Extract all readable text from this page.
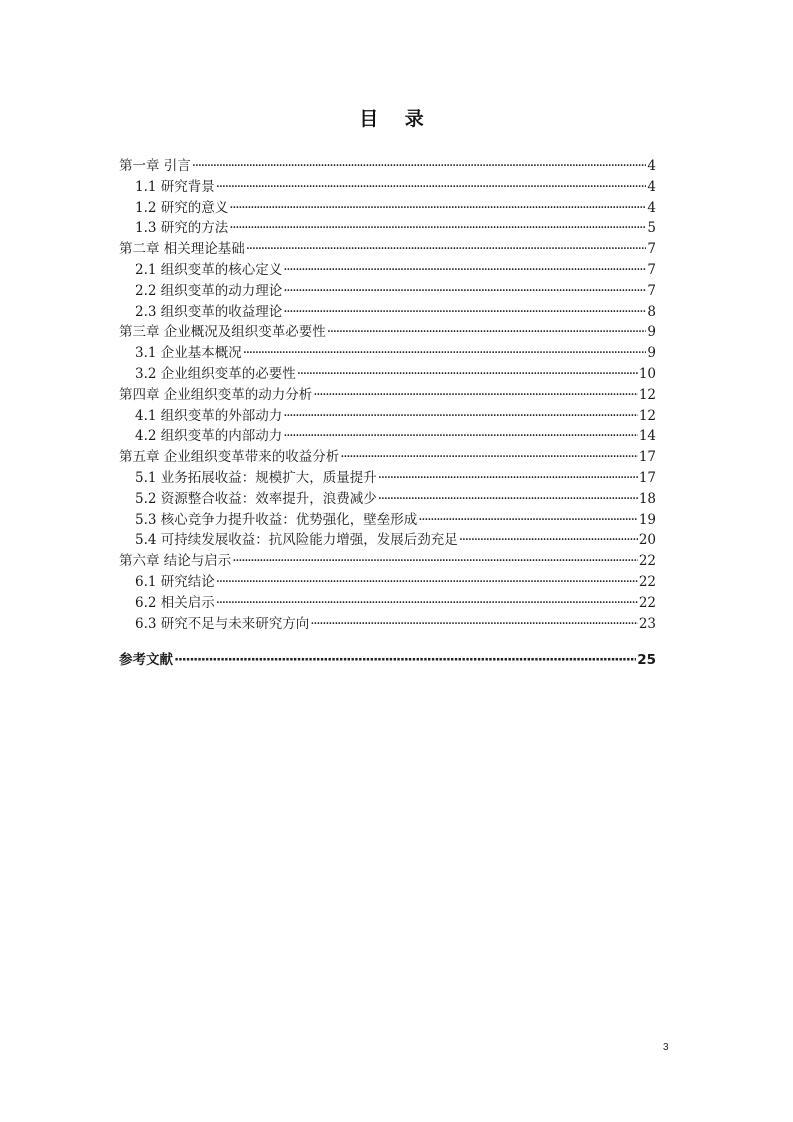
目 录
第一章 引言 ·····	4
1.1 研究背景 ·····	4
1.2 研究的意义 ·····	4
1.3 研究的方法 ·····	5
第二章 相关理论基础 ·····	7
2.1 组织变革的核心定义 ·····	7
2.2 组织变革的动力理论 ·····	7
2.3 组织变革的收益理论 ·····	8
第三章 企业概况及组织变革必要性 ·····	9
3.1 企业基本概况 ·····	9
3.2 企业组织变革的必要性 ·····	10
第四章 企业组织变革的动力分析 ·····	12
4.1 组织变革的外部动力 ·····	12
4.2 组织变革的内部动力 ·····	14
第五章 企业组织变革带来的收益分析 ·····	17
5.1 业务拓展收益：规模扩大，质量提升 ·····	17
5.2 资源整合收益：效率提升，浪费减少 ·····	18
5.3 核心竞争力提升收益：优势强化，壁垒形成 ·····	19
5.4 可持续发展收益：抗风险能力增强，发展后劲充足 ·····	20
第六章 结论与启示 ·····	22
6.1 研究结论 ·····	22
6.2 相关启示 ·····	22
6.3 研究不足与未来研究方向 ·····	23
参考文献 ·····	25
3
